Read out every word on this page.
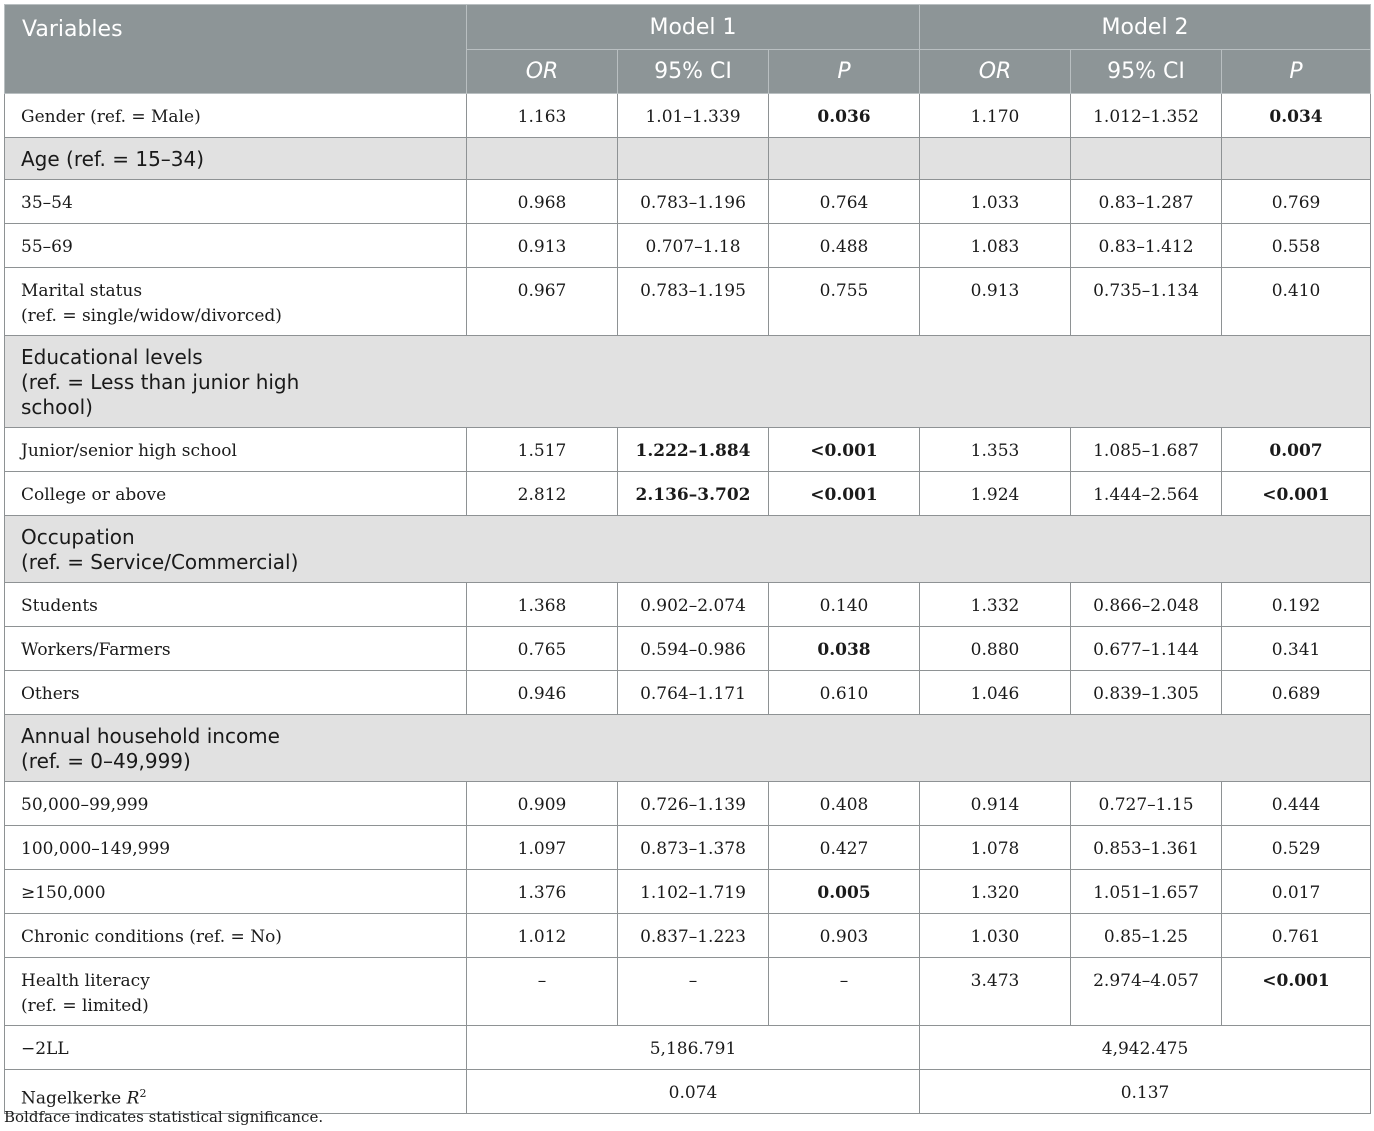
Variables	Model 1			Model 2		
	OR	95% CI	P	OR	95% CI	P
Gender (ref. = Male)	1.163	1.01–1.339	0.036	1.170	1.012–1.352	0.034
Age (ref. = 15–34)						
35–54	0.968	0.783–1.196	0.764	1.033	0.83–1.287	0.769
55–69	0.913	0.707–1.18	0.488	1.083	0.83–1.412	0.558
Marital status
(ref. = single/widow/divorced)	0.967	0.783–1.195	0.755	0.913	0.735–1.134	0.410
Educational levels
(ref. = Less than junior high
school)						
Junior/senior high school	1.517	1.222–1.884	<0.001	1.353	1.085–1.687	0.007
College or above	2.812	2.136–3.702	<0.001	1.924	1.444–2.564	<0.001
Occupation
(ref. = Service/Commercial)						
Students	1.368	0.902–2.074	0.140	1.332	0.866–2.048	0.192
Workers/Farmers	0.765	0.594–0.986	0.038	0.880	0.677–1.144	0.341
Others	0.946	0.764–1.171	0.610	1.046	0.839–1.305	0.689
Annual household income
(ref. = 0–49,999)						
50,000–99,999	0.909	0.726–1.139	0.408	0.914	0.727–1.15	0.444
100,000–149,999	1.097	0.873–1.378	0.427	1.078	0.853–1.361	0.529
≥150,000	1.376	1.102–1.719	0.005	1.320	1.051–1.657	0.017
Chronic conditions (ref. = No)	1.012	0.837–1.223	0.903	1.030	0.85–1.25	0.761
Health literacy
(ref. = limited)	–	–	–	3.473	2.974–4.057	<0.001
−2LL	5,186.791			4,942.475		
Nagelkerke $R^2$	0.074			0.137		
Boldface indicates statistical significance.
